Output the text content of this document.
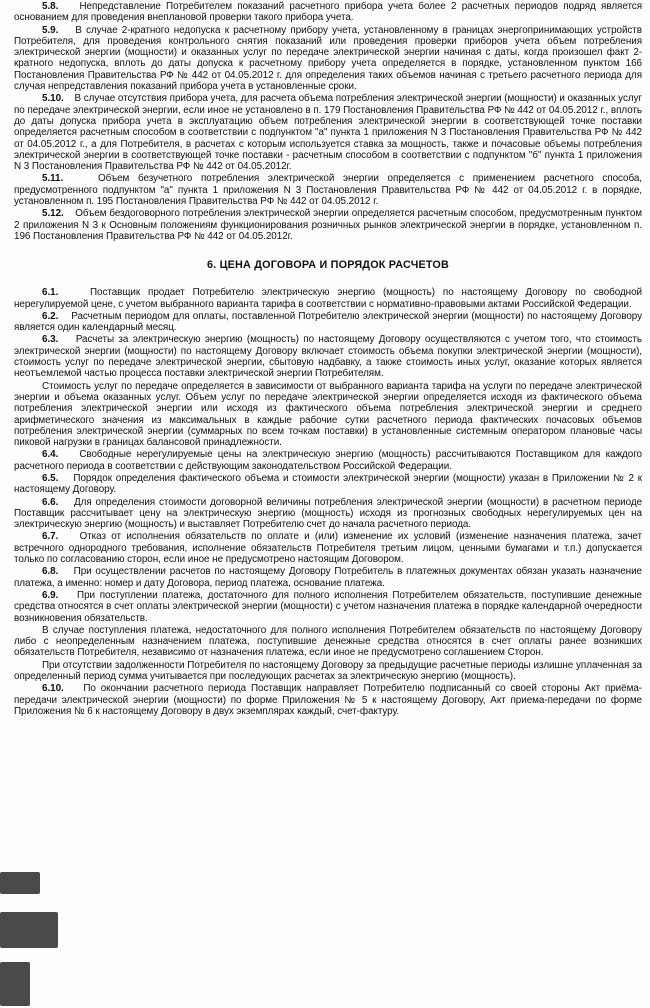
5.8. Непредставление Потребителем показаний расчетного прибора учета более 2 расчетных периодов подряд является основанием для проведения внеплановой проверки такого прибора учета.

5.9. В случае 2-кратного недопуска к расчетному прибору учета, установленному в границах энергопринимающих устройств Потребителя, для проведения контрольного снятия показаний или проведения проверки приборов учета объем потребления электрической энергии (мощности) и оказанных услуг по передаче электрической энергии начиная с даты, когда произошел факт 2-кратного недопуска, вплоть до даты допуска к расчетному прибору учета определяется в порядке, установленном пунктом 166 Постановления Правительства РФ № 442 от 04.05.2012 г. для определения таких объемов начиная с третьего расчетного периода для случая непредставления показаний прибора учета в установленные сроки.

5.10. В случае отсутствия прибора учета, для расчета объема потребления электрической энергии (мощности) и оказанных услуг по передаче электрической энергии, если иное не установлено в п. 179 Постановления Правительства РФ № 442 от 04.05.2012 г., вплоть до даты допуска прибора учета в эксплуатацию объем потребления электрической энергии в соответствующей точке поставки определяется расчетным способом в соответствии с подпунктом "а" пункта 1 приложения N 3 Постановления Правительства РФ № 442 от 04.05.2012 г., а для Потребителя, в расчетах с которым используется ставка за мощность, также и почасовые объемы потребления электрической энергии в соответствующей точке поставки - расчетным способом в соответствии с подпунктом "б" пункта 1 приложения N 3 Постановления Правительства РФ № 442 от 04.05.2012г.

5.11.	Объем безучетного потребления электрической энергии определяется с применением расчетного способа, предусмотренного подпунктом "а" пункта 1 приложения N 3 Постановления Правительства РФ № 442 от 04.05.2012 г. в порядке, установленном п. 195 Постановления Правительства РФ № 442 от 04.05.2012 г.

5.12. Объем бездоговорного потребления электрической энергии определяется расчетным способом, предусмотренным пунктом 2 приложения N 3 к Основным положениям функционирования розничных рынков электрической энергии в порядке, установленном п. 196 Постановления Правительства РФ № 442 от 04.05.2012г.

6. ЦЕНА ДОГОВОРА И ПОРЯДОК РАСЧЕТОВ

6.1.	Поставщик продает Потребителю электрическую энергию (мощность) по настоящему Договору по свободной нерегулируемой цене, с учетом выбранного варианта тарифа в соответствии с нормативно-правовыми актами Российской Федерации.

6.2. Расчетным периодом для оплаты, поставленной Потребителю электрической энергии (мощности) по настоящему Договору является один календарный месяц.

6.3. Расчеты за электрическую энергию (мощность) по настоящему Договору осуществляются с учетом того, что стоимость электрической энергии (мощности) по настоящему Договору включает стоимость объема покупки электрической энергии (мощности), стоимость услуг по передаче электрической энергии, сбытовую надбавку, а также стоимость иных услуг, оказание которых является неотъемлемой частью процесса поставки электрической энергии Потребителям.

Стоимость услуг по передаче определяется в зависимости от выбранного варианта тарифа на услуги по передаче электрической энергии и объема оказанных услуг. Объем услуг по передаче электрической энергии определяется исходя из фактического объема потребления электрической энергии или исходя из фактического объема потребления электрической энергии и среднего арифметического значения из максимальных в каждые рабочие сутки расчетного периода фактических почасовых объемов потребления электрической энергии (суммарных по всем точкам поставки) в установленные системным оператором плановые часы пиковой нагрузки в границах балансовой принадлежности.

6.4. Свободные нерегулируемые цены на электрическую энергию (мощность) рассчитываются Поставщиком для каждого расчетного периода в соответствии с действующим законодательством Российской Федерации.

6.5. Порядок определения фактического объема и стоимости электрической энергии (мощности) указан в Приложении № 2 к настоящему Договору.

6.6. Для определения стоимости договорной величины потребления электрической энергии (мощности) в расчетном периоде Поставщик рассчитывает цену на электрическую энергию (мощность) исходя из прогнозных свободных нерегулируемых цен на электрическую энергию (мощность) и выставляет Потребителю счет до начала расчетного периода.

6.7. Отказ от исполнения обязательств по оплате и (или) изменение их условий (изменение назначения платежа, зачет встречного однородного требования, исполнение обязательств Потребителя третьим лицом, ценными бумагами и т.п.) допускается только по согласованию сторон, если иное не предусмотрено настоящим Договором.

6.8. При осуществлении расчетов по настоящему Договору Потребитель в платежных документах обязан указать назначение платежа, а именно: номер и дату Договора, период платежа, основание платежа.

6.9. При поступлении платежа, достаточного для полного исполнения Потребителем обязательств, поступившие денежные средства относятся в счет оплаты электрической энергии (мощности) с учетом назначения платежа в порядке календарной очередности возникновения обязательств.

В случае поступления платежа, недостаточного для полного исполнения Потребителем обязательств по настоящему Договору либо с неопределенным назначением платежа, поступившие денежные средства относятся в счет оплаты ранее возникших обязательств Потребителя, независимо от назначения платежа, если иное не предусмотрено соглашением Сторон.

При отсутствии задолженности Потребителя по настоящему Договору за предыдущие расчетные периоды излишне уплаченная за определенный период сумма учитывается при последующих расчетах за электрическую энергию (мощность).

6.10. По окончании расчетного периода Поставщик направляет Потребителю подписанный со своей стороны Акт приёма-передачи электрической энергии (мощности) по форме Приложения № 5 к настоящему Договору, Акт приема-передачи по форме Приложения № 6 к настоящему Договору в двух экземплярах каждый, счет-фактуру.
